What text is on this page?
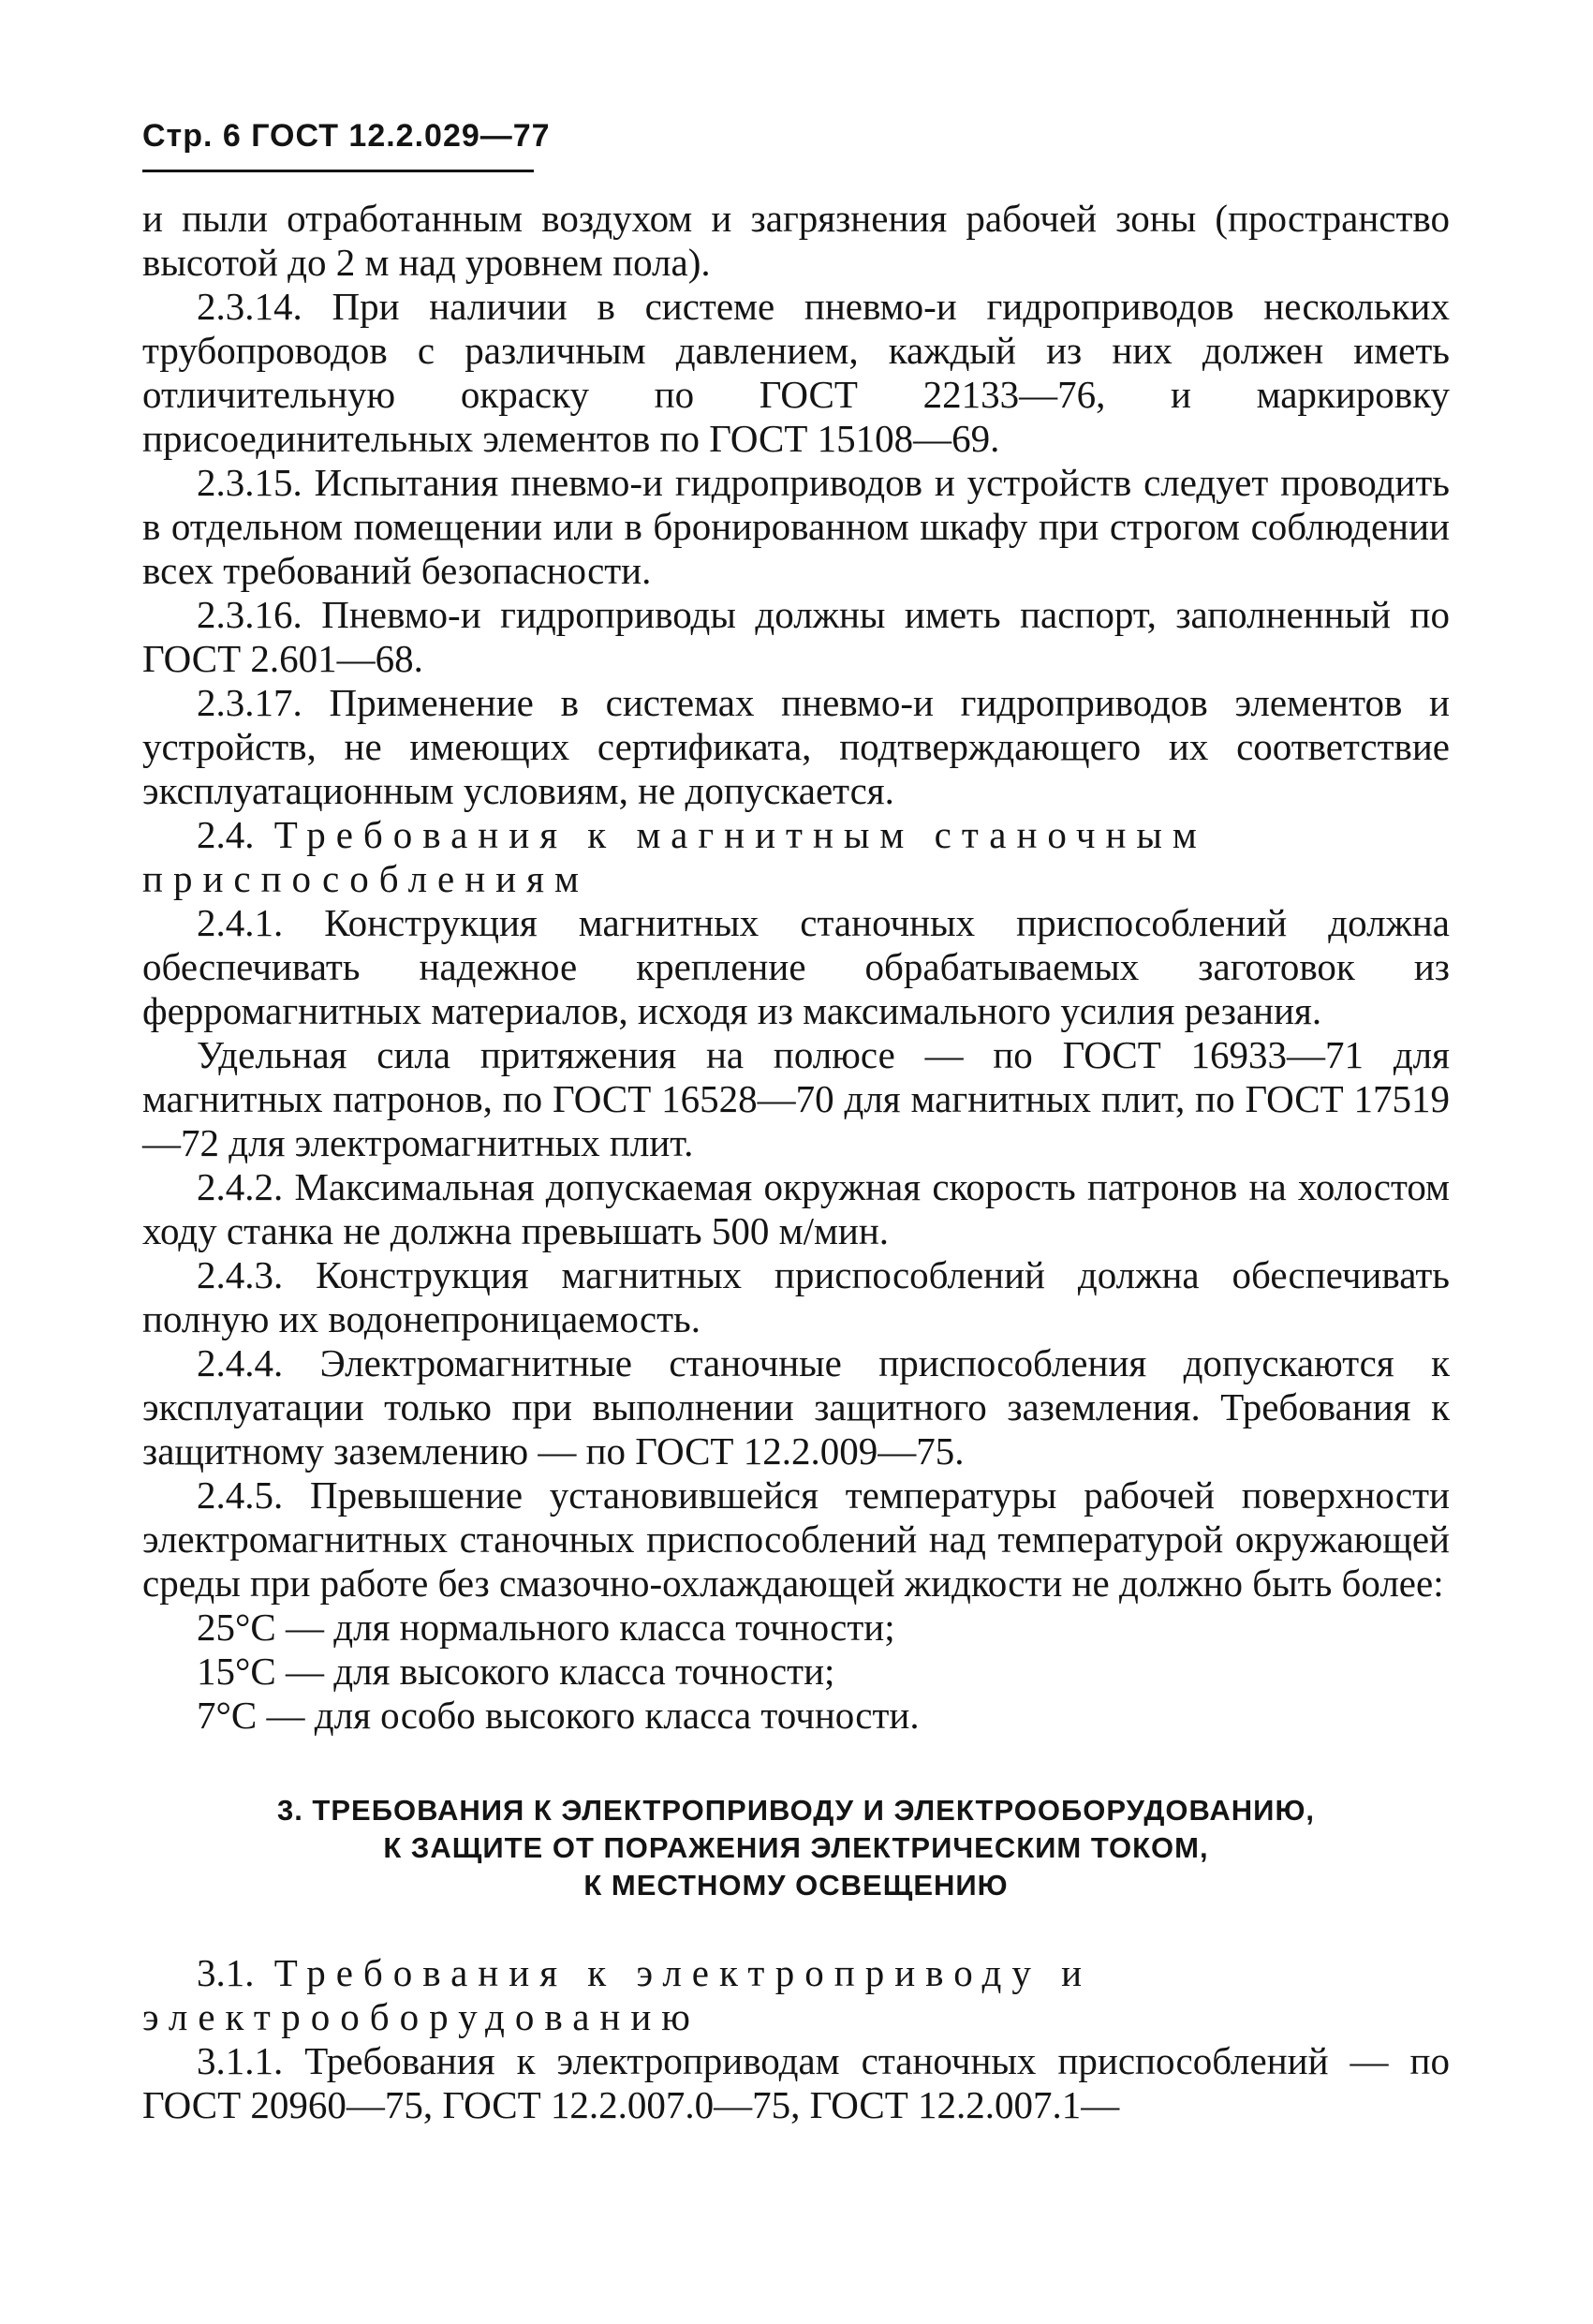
Стр. 6 ГОСТ 12.2.029—77

и пыли отработанным воздухом и загрязнения рабочей зоны (пространство высотой до 2 м над уровнем пола).

2.3.14. При наличии в системе пневмо-и гидроприводов нескольких трубопроводов с различным давлением, каждый из них должен иметь отличительную окраску по ГОСТ 22133—76, и маркировку присоединительных элементов по ГОСТ 15108—69.

2.3.15. Испытания пневмо-и гидроприводов и устройств следует проводить в отдельном помещении или в бронированном шкафу при строгом соблюдении всех требований безопасности.

2.3.16. Пневмо-и гидроприводы должны иметь паспорт, заполненный по ГОСТ 2.601—68.

2.3.17. Применение в системах пневмо-и гидроприводов элементов и устройств, не имеющих сертификата, подтверждающего их соответствие эксплуатационным условиям, не допускается.

2.4. Требования к магнитным станочным приспособлениям

2.4.1. Конструкция магнитных станочных приспособлений должна обеспечивать надежное крепление обрабатываемых заготовок из ферромагнитных материалов, исходя из максимального усилия резания.

Удельная сила притяжения на полюсе — по ГОСТ 16933—71 для магнитных патронов, по ГОСТ 16528—70 для магнитных плит, по ГОСТ 17519—72 для электромагнитных плит.

2.4.2. Максимальная допускаемая окружная скорость патронов на холостом ходу станка не должна превышать 500 м/мин.

2.4.3. Конструкция магнитных приспособлений должна обеспечивать полную их водонепроницаемость.

2.4.4. Электромагнитные станочные приспособления допускаются к эксплуатации только при выполнении защитного заземления. Требования к защитному заземлению — по ГОСТ 12.2.009—75.

2.4.5. Превышение установившейся температуры рабочей поверхности электромагнитных станочных приспособлений над температурой окружающей среды при работе без смазочно-охлаждающей жидкости не должно быть более:

25°С — для нормального класса точности;

15°С — для высокого класса точности;

7°С — для особо высокого класса точности.

3. ТРЕБОВАНИЯ К ЭЛЕКТРОПРИВОДУ И ЭЛЕКТРООБОРУДОВАНИЮ,
К ЗАЩИТЕ ОТ ПОРАЖЕНИЯ ЭЛЕКТРИЧЕСКИМ ТОКОМ,
К МЕСТНОМУ ОСВЕЩЕНИЮ

3.1. Требования к электроприводу и электрооборудованию

3.1.1. Требования к электроприводам станочных приспособлений — по ГОСТ 20960—75, ГОСТ 12.2.007.0—75, ГОСТ 12.2.007.1—
